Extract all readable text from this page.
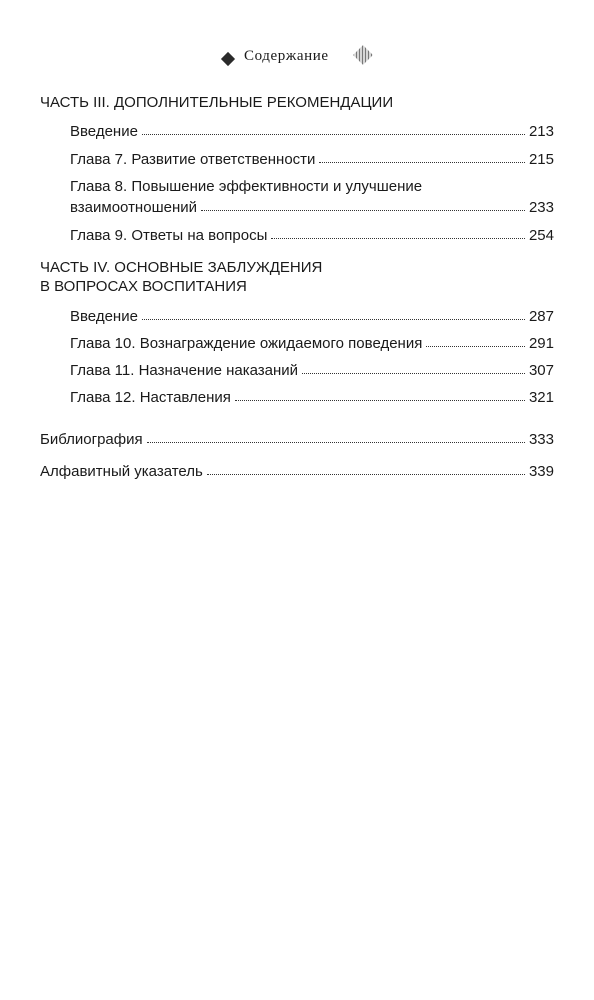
Содержание
ЧАСТЬ III. ДОПОЛНИТЕЛЬНЫЕ РЕКОМЕНДАЦИИ
Введение	213
Глава 7. Развитие ответственности	215
Глава 8. Повышение эффективности и улучшение
взаимоотношений	233
Глава 9. Ответы на вопросы	254
ЧАСТЬ IV. ОСНОВНЫЕ ЗАБЛУЖДЕНИЯ
В ВОПРОСАХ ВОСПИТАНИЯ
Введение	287
Глава 10. Вознаграждение ожидаемого поведения	291
Глава 11. Назначение наказаний	307
Глава 12. Наставления	321
Библиография	333
Алфавитный указатель	339
